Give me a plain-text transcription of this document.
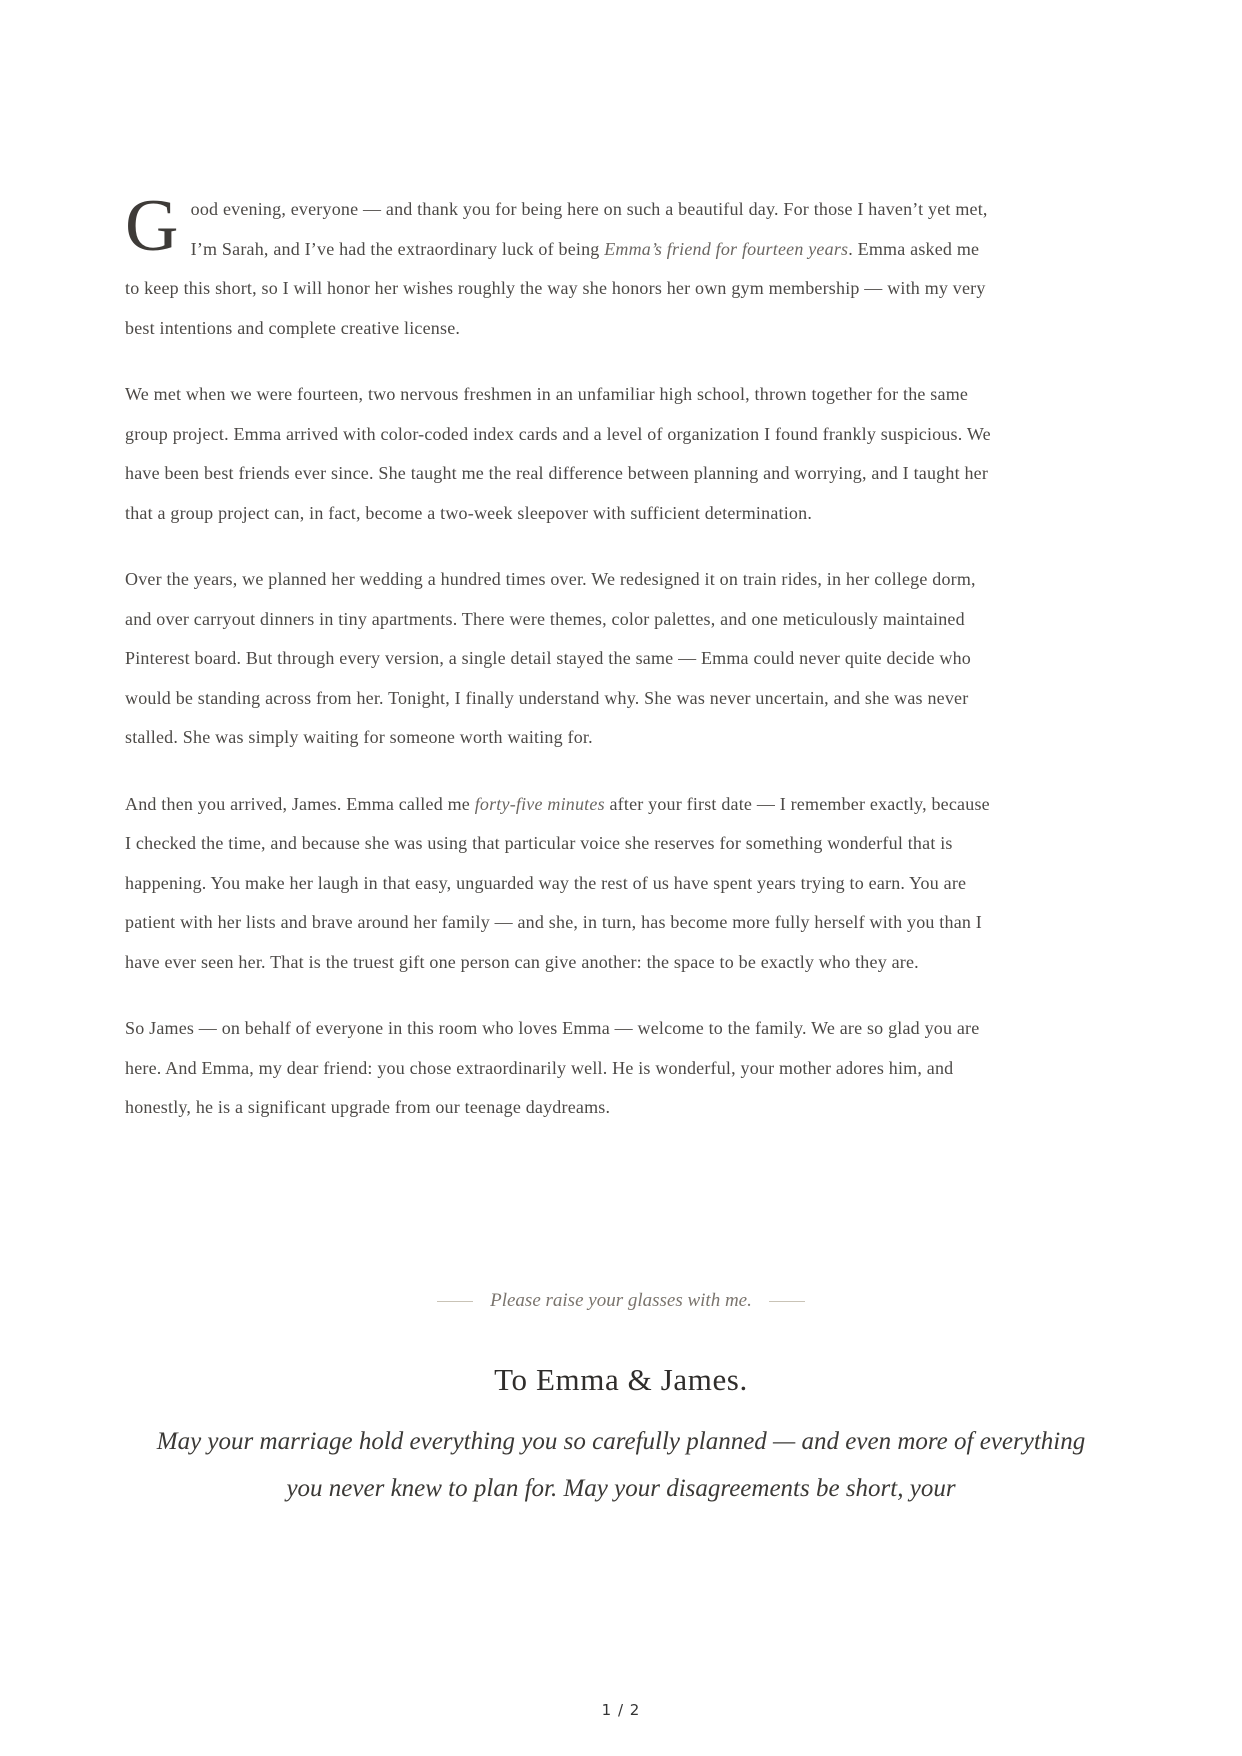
Good evening, everyone — and thank you for being here on such a beautiful day. For those I haven’t yet met, I’m Sarah, and I’ve had the extraordinary luck of being Emma’s friend for fourteen years. Emma asked me to keep this short, so I will honor her wishes roughly the way she honors her own gym membership — with my very best intentions and complete creative license.

We met when we were fourteen, two nervous freshmen in an unfamiliar high school, thrown together for the same group project. Emma arrived with color-coded index cards and a level of organization I found frankly suspicious. We have been best friends ever since. She taught me the real difference between planning and worrying, and I taught her that a group project can, in fact, become a two-week sleepover with sufficient determination.

Over the years, we planned her wedding a hundred times over. We redesigned it on train rides, in her college dorm, and over carryout dinners in tiny apartments. There were themes, color palettes, and one meticulously maintained Pinterest board. But through every version, a single detail stayed the same — Emma could never quite decide who would be standing across from her. Tonight, I finally understand why. She was never uncertain, and she was never stalled. She was simply waiting for someone worth waiting for.

And then you arrived, James. Emma called me forty-five minutes after your first date — I remember exactly, because I checked the time, and because she was using that particular voice she reserves for something wonderful that is happening. You make her laugh in that easy, unguarded way the rest of us have spent years trying to earn. You are patient with her lists and brave around her family — and she, in turn, has become more fully herself with you than I have ever seen her. That is the truest gift one person can give another: the space to be exactly who they are.

So James — on behalf of everyone in this room who loves Emma — welcome to the family. We are so glad you are here. And Emma, my dear friend: you chose extraordinarily well. He is wonderful, your mother adores him, and honestly, he is a significant upgrade from our teenage daydreams.

Please raise your glasses with me.
To Emma & James.
May your marriage hold everything you so carefully planned — and even more of everything you never knew to plan for. May your disagreements be short, your
1 / 2
